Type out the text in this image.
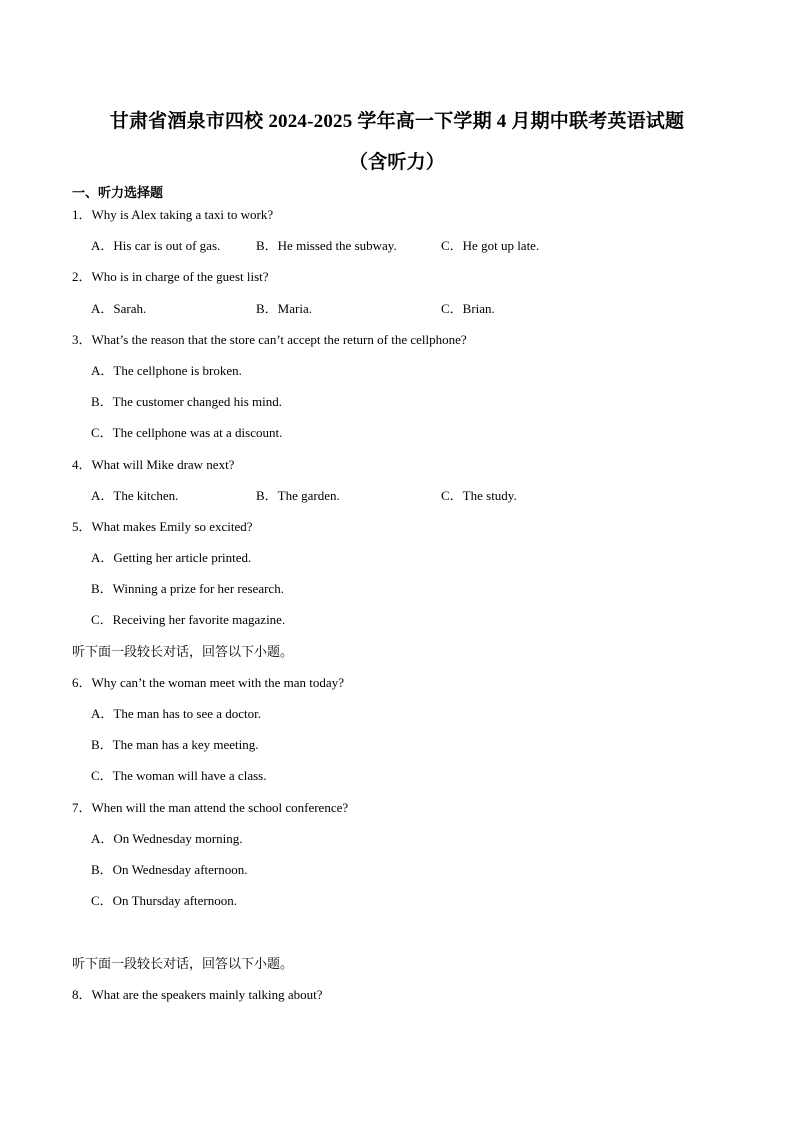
甘肃省酒泉市四校 2024-2025 学年高一下学期 4 月期中联考英语试题
（含听力）
一、听力选择题
1．Why is Alex taking a taxi to work?
A．His car is out of gas.	B．He missed the subway.	C．He got up late.
2．Who is in charge of the guest list?
A．Sarah.	B．Maria.	C．Brian.
3．What’s the reason that the store can’t accept the return of the cellphone?
A．The cellphone is broken.
B．The customer changed his mind.
C．The cellphone was at a discount.
4．What will Mike draw next?
A．The kitchen.	B．The garden.	C．The study.
5．What makes Emily so excited?
A．Getting her article printed.
B．Winning a prize for her research.
C．Receiving her favorite magazine.
听下面一段较长对话，回答以下小题。
6．Why can’t the woman meet with the man today?
A．The man has to see a doctor.
B．The man has a key meeting.
C．The woman will have a class.
7．When will the man attend the school conference?
A．On Wednesday morning.
B．On Wednesday afternoon.
C．On Thursday afternoon.
听下面一段较长对话，回答以下小题。
8．What are the speakers mainly talking about?
